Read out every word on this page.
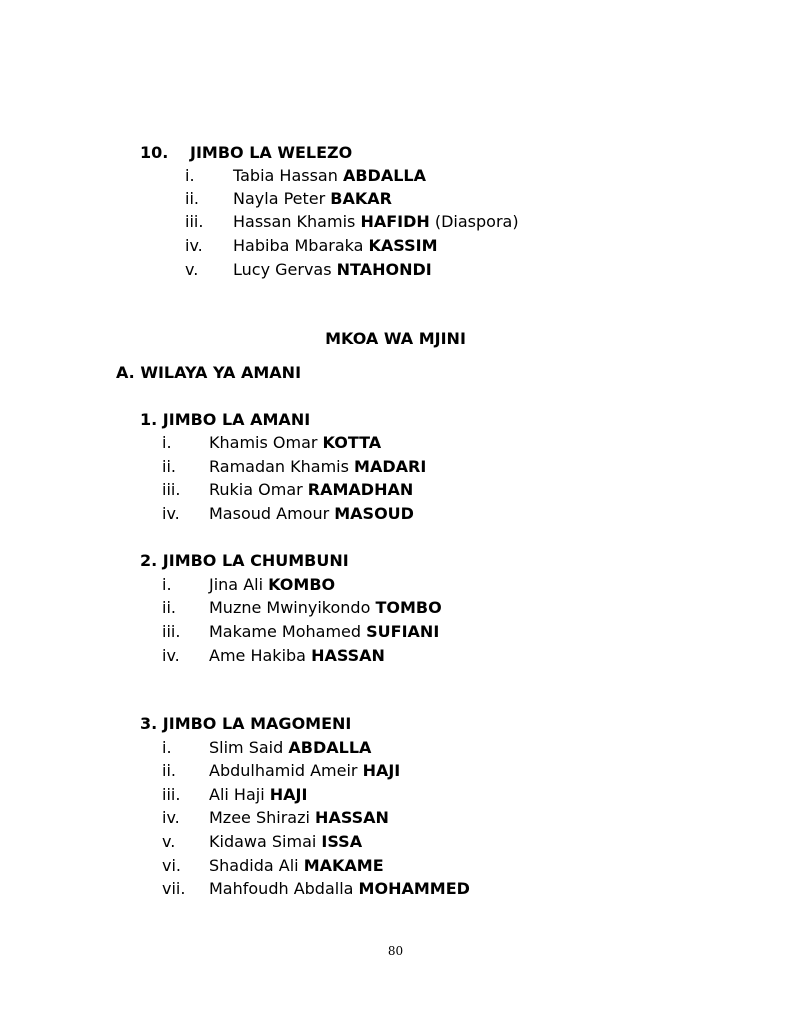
10. JIMBO LA WELEZO
i. Tabia Hassan ABDALLA
ii. Nayla Peter BAKAR
iii. Hassan Khamis HAFIDH (Diaspora)
iv. Habiba Mbaraka KASSIM
v. Lucy Gervas NTAHONDI
MKOA WA MJINI
A. WILAYA YA AMANI
1. JIMBO LA AMANI
i. Khamis Omar KOTTA
ii. Ramadan Khamis MADARI
iii. Rukia Omar RAMADHAN
iv. Masoud Amour MASOUD
2. JIMBO LA CHUMBUNI
i. Jina Ali KOMBO
ii. Muzne Mwinyikondo TOMBO
iii. Makame Mohamed SUFIANI
iv. Ame Hakiba HASSAN
3. JIMBO LA MAGOMENI
i. Slim Said ABDALLA
ii. Abdulhamid Ameir HAJI
iii. Ali Haji HAJI
iv. Mzee Shirazi HASSAN
v. Kidawa Simai ISSA
vi. Shadida Ali MAKAME
vii. Mahfoudh Abdalla MOHAMMED
80
